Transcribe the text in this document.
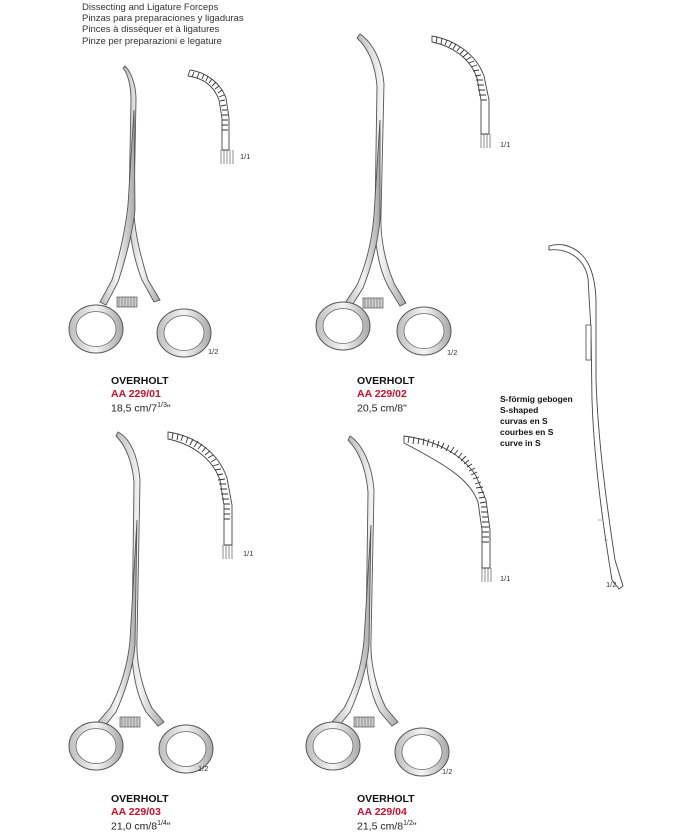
Dissecting and Ligature Forceps
Pinzas para preparaciones y ligaduras
Pinces à disséquer et à ligatures
Pinze per preparazioni e legature
1/1
1/2
1/1
1/2
1/1
1/2
1/1
1/2
1/2
OVERHOLT
AA 229/01
18,5 $cm/7^{1/3}$"
OVERHOLT
AA 229/02
20,5 cm/8"
OVERHOLT
AA 229/03
21,0 $cm/8^{1/4}$"
OVERHOLT
AA 229/04
21,5 $cm/8^{1/2}$"
S-förmig gebogen
S-shaped
curvas en S
courbes en S
curve in S
